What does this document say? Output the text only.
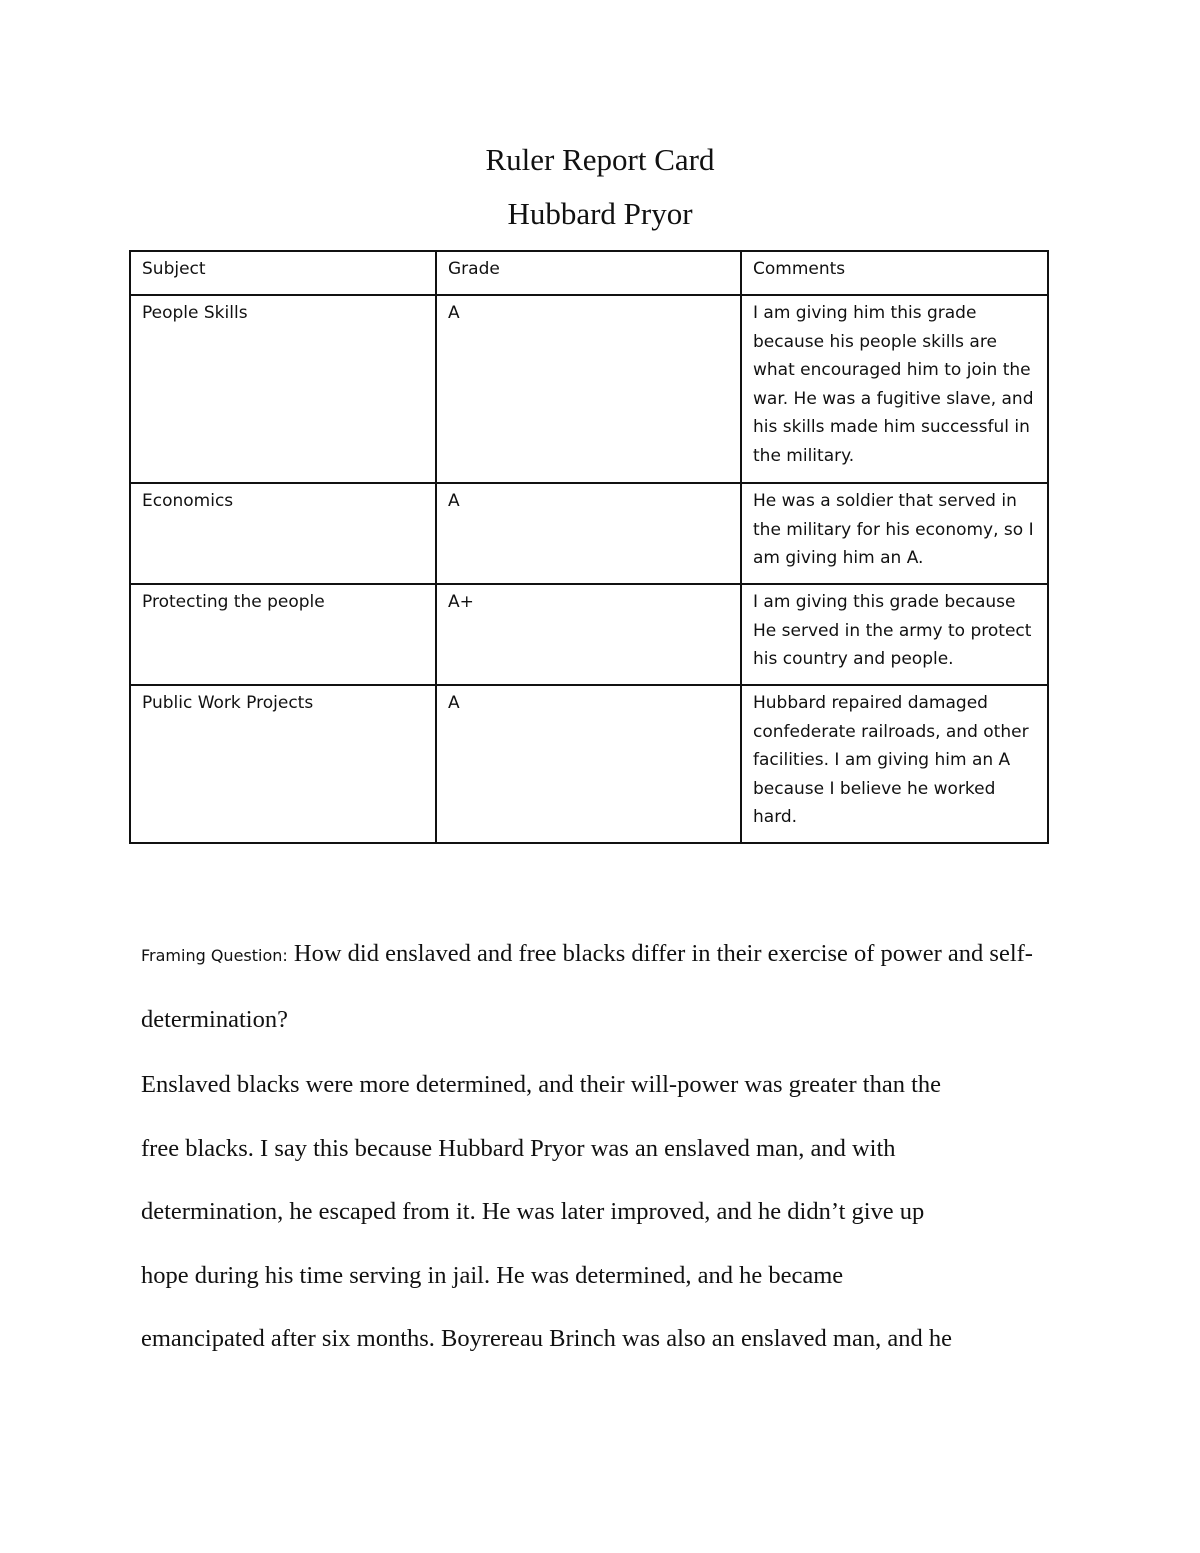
Ruler Report Card
Hubbard Pryor
Subject	Grade	Comments
People Skills	A	I am giving him this grade because his people skills are what encouraged him to join the war. He was a fugitive slave, and his skills made him successful in the military.
Economics	A	He was a soldier that served in the military for his economy, so I am giving him an A.
Protecting the people	A+	I am giving this grade because He served in the army to protect his country and people.
Public Work Projects	A	Hubbard repaired damaged confederate railroads, and other facilities. I am giving him an A because I believe he worked hard.
Framing Question: How did enslaved and free blacks differ in their exercise of power and self-determination?
Enslaved blacks were more determined, and their will-power was greater than the
free blacks. I say this because Hubbard Pryor was an enslaved man, and with
determination, he escaped from it. He was later improved, and he didn’t give up
hope during his time serving in jail. He was determined, and he became
emancipated after six months. Boyrereau Brinch was also an enslaved man, and he
